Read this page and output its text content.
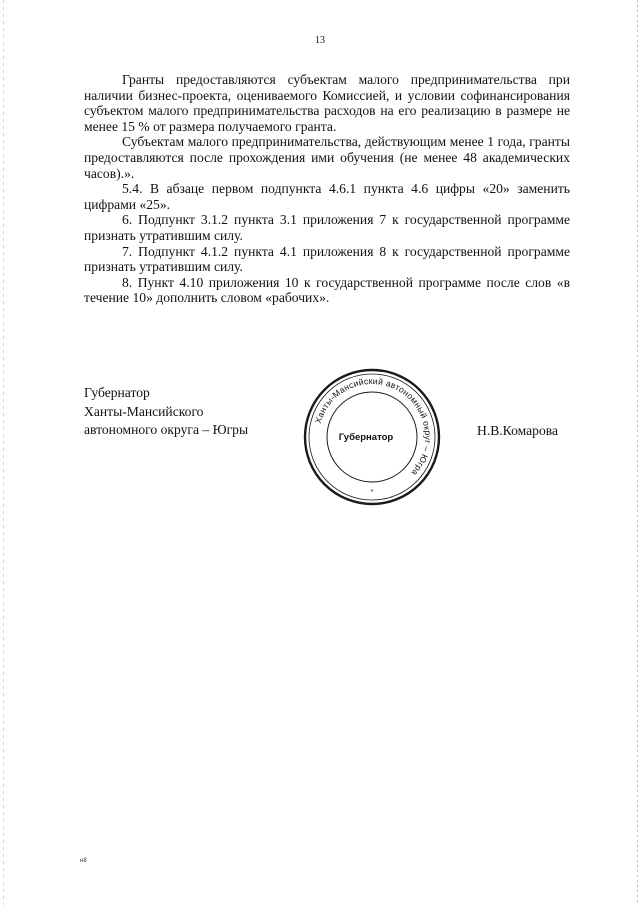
13

Гранты предоставляются субъектам малого предпринимательства при наличии бизнес-проекта, оцениваемого Комиссией, и условии софинансирования субъектом малого предпринимательства расходов на его реализацию в размере не менее 15 % от размера получаемого гранта.

Субъектам малого предпринимательства, действующим менее 1 года, гранты предоставляются после прохождения ими обучения (не менее 48 академических часов).».

5.4. В абзаце первом подпункта 4.6.1 пункта 4.6 цифры «20» заменить цифрами «25».

6. Подпункт 3.1.2 пункта 3.1 приложения 7 к государственной программе признать утратившим силу.

7. Подпункт 4.1.2 пункта 4.1 приложения 8 к государственной программе признать утратившим силу.

8. Пункт 4.10 приложения 10 к государственной программе после слов «в течение 10» дополнить словом «рабочих».

Губернатор
Ханты-Мансийского
автономного округа – Югры
Ханты-Мансийский автономный округ – Югра
Губернатор
*
Н.В.Комарова
н8
